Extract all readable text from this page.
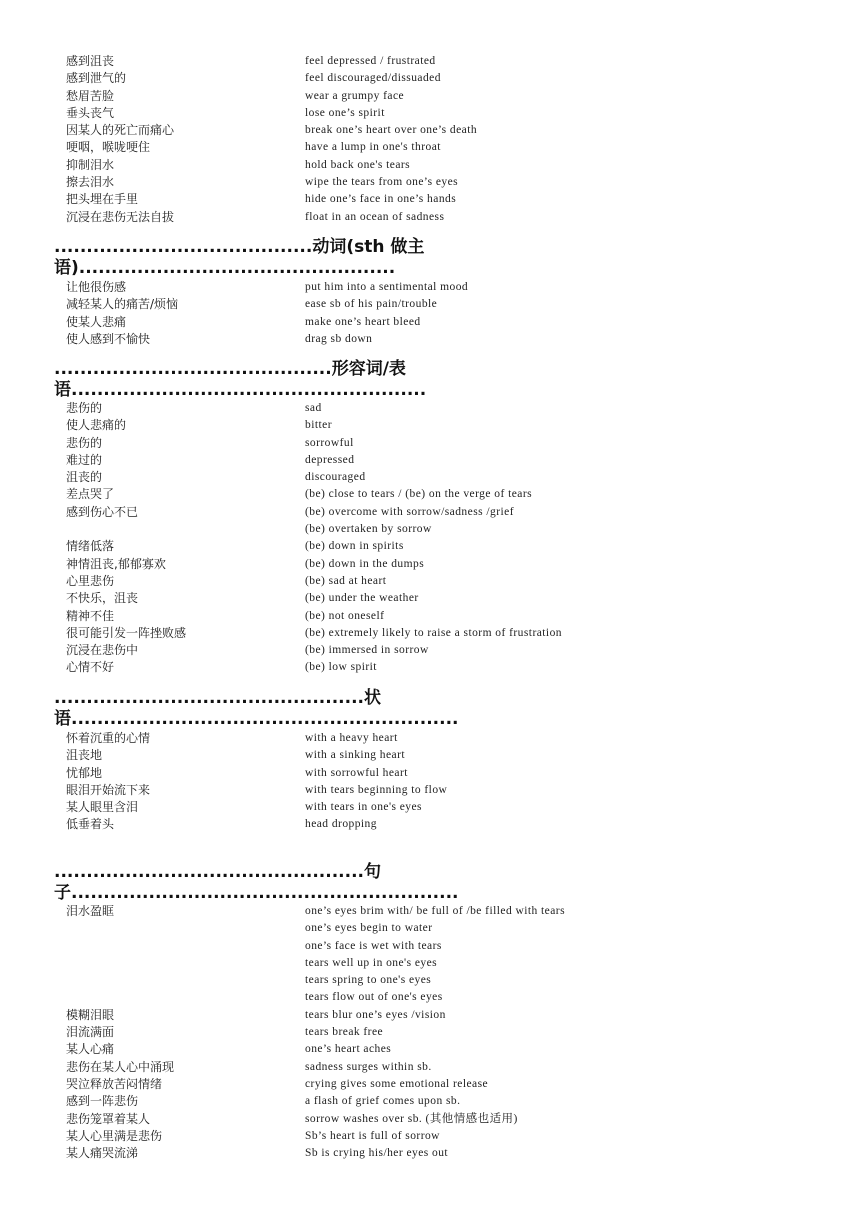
感到沮丧	feel depressed / frustrated
感到泄气的	feel discouraged/dissuaded
愁眉苦脸	wear a grumpy face
垂头丧气	lose one’s spirit
因某人的死亡而痛心	break one’s heart over one’s death
哽咽，喉咙哽住	have a lump in one's throat
抑制泪水	hold back one's tears
擦去泪水	wipe the tears from one’s eyes
把头埋在手里	hide one’s face in one’s hands
沉浸在悲伤无法自拔	float in an ocean of sadness
........................................动词(sth 做主
语).................................................
让他很伤感	put him into a sentimental mood
减轻某人的痛苦/烦恼	ease sb of his pain/trouble
使某人悲痛	make one’s heart bleed
使人感到不愉快	drag sb down
...........................................形容词/表
语.......................................................
悲伤的	sad
使人悲痛的	bitter
悲伤的	sorrowful
难过的	depressed
沮丧的	discouraged
差点哭了	(be) close to tears / (be) on the verge of tears
感到伤心不已	(be) overcome with sorrow/sadness /grief
(be) overtaken by sorrow
情绪低落	(be) down in spirits
神情沮丧,郁郁寡欢	(be) down in the dumps
心里悲伤	(be) sad at heart
不快乐，沮丧	(be) under the weather
精神不佳	(be) not oneself
很可能引发一阵挫败感	(be) extremely likely to raise a storm of frustration
沉浸在悲伤中	(be) immersed in sorrow
心情不好	(be) low spirit
................................................状
语............................................................
怀着沉重的心情	with a heavy heart
沮丧地	with a sinking heart
忧郁地	with sorrowful heart
眼泪开始流下来	with tears beginning to flow
某人眼里含泪	with tears in one's eyes
低垂着头	head dropping
................................................句
子............................................................
泪水盈眶	one’s eyes brim with/ be full of /be filled with tears
one’s eyes begin to water
one’s face is wet with tears
tears well up in one's eyes
tears spring to one's eyes
tears flow out of one's eyes
模糊泪眼	tears blur one’s eyes /vision
泪流满面	tears break free
某人心痛	one’s heart aches
悲伤在某人心中涌现	sadness surges within sb.
哭泣释放苦闷情绪	crying gives some emotional release
感到一阵悲伤	a flash of grief comes upon sb.
悲伤笼罩着某人	sorrow washes over sb. (其他情感也适用)
某人心里满是悲伤	Sb’s heart is full of sorrow
某人痛哭流涕	Sb is crying his/her eyes out
